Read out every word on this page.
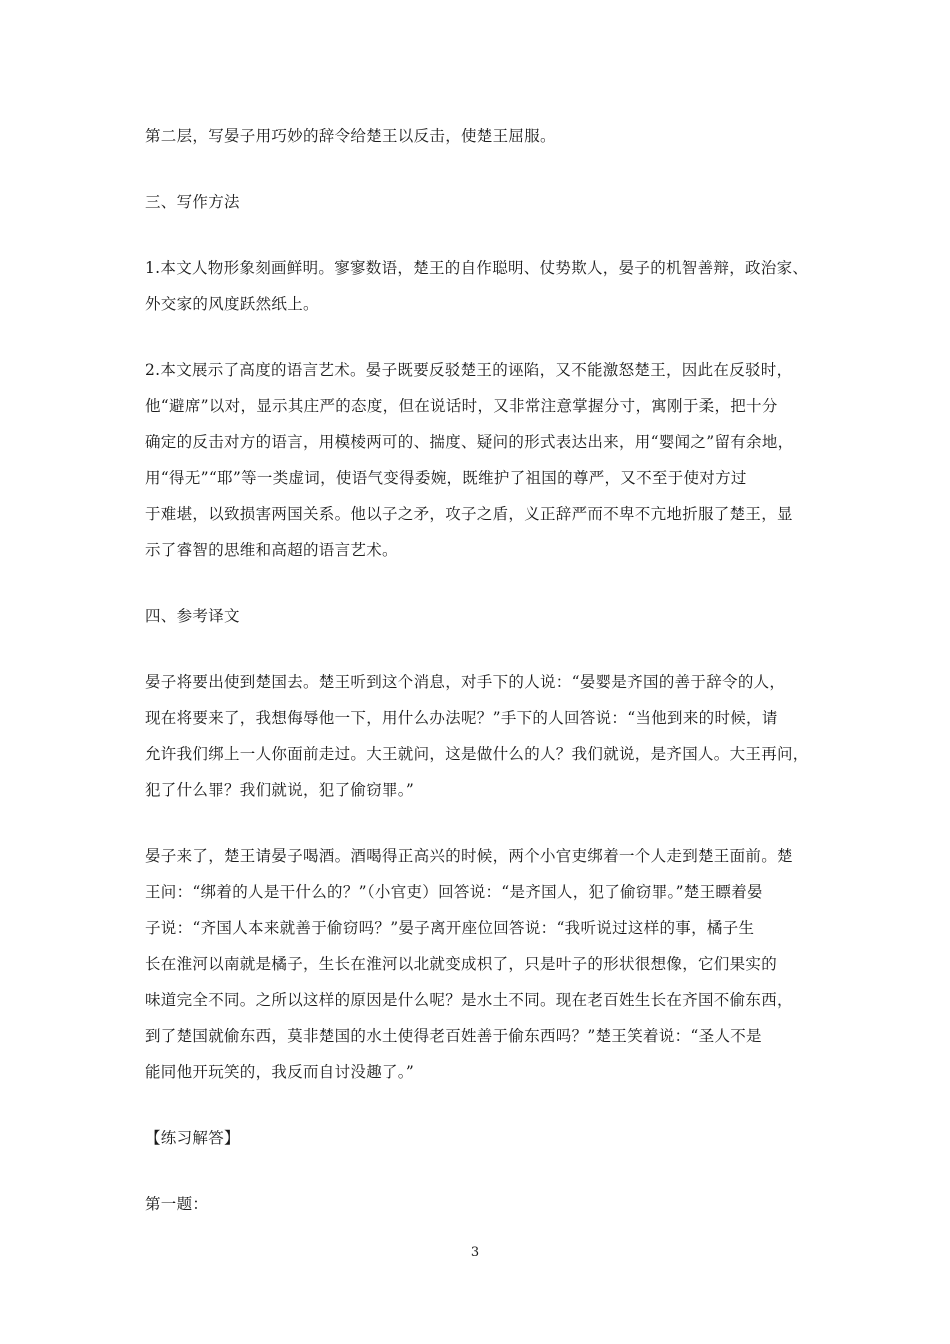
第二层，写晏子用巧妙的辞令给楚王以反击，使楚王屈服。

三、写作方法

1.本文人物形象刻画鲜明。寥寥数语，楚王的自作聪明、仗势欺人，晏子的机智善辩，政治家、
外交家的风度跃然纸上。

2.本文展示了高度的语言艺术。晏子既要反驳楚王的诬陷，又不能激怒楚王，因此在反驳时，
他“避席”以对，显示其庄严的态度，但在说话时，又非常注意掌握分寸，寓刚于柔，把十分
确定的反击对方的语言，用模棱两可的、揣度、疑问的形式表达出来，用“婴闻之”留有余地，
用“得无”“耶”等一类虚词，使语气变得委婉，既维护了祖国的尊严，又不至于使对方过
于难堪，以致损害两国关系。他以子之矛，攻子之盾，义正辞严而不卑不亢地折服了楚王，显
示了睿智的思维和高超的语言艺术。

四、参考译文

晏子将要出使到楚国去。楚王听到这个消息，对手下的人说：“晏婴是齐国的善于辞令的人，
现在将要来了，我想侮辱他一下，用什么办法呢？”手下的人回答说：“当他到来的时候，请
允许我们绑上一人你面前走过。大王就问，这是做什么的人？我们就说，是齐国人。大王再问，
犯了什么罪？我们就说，犯了偷窃罪。”

晏子来了，楚王请晏子喝酒。酒喝得正高兴的时候，两个小官吏绑着一个人走到楚王面前。楚
王问：“绑着的人是干什么的？”（小官吏）回答说：“是齐国人，犯了偷窃罪。”楚王瞟着晏
子说：“齐国人本来就善于偷窃吗？”晏子离开座位回答说：“我听说过这样的事，橘子生
长在淮河以南就是橘子，生长在淮河以北就变成枳了，只是叶子的形状很想像，它们果实的
味道完全不同。之所以这样的原因是什么呢？是水土不同。现在老百姓生长在齐国不偷东西，
到了楚国就偷东西，莫非楚国的水土使得老百姓善于偷东西吗？”楚王笑着说：“圣人不是
能同他开玩笑的，我反而自讨没趣了。”

【练习解答】

第一题：

3
